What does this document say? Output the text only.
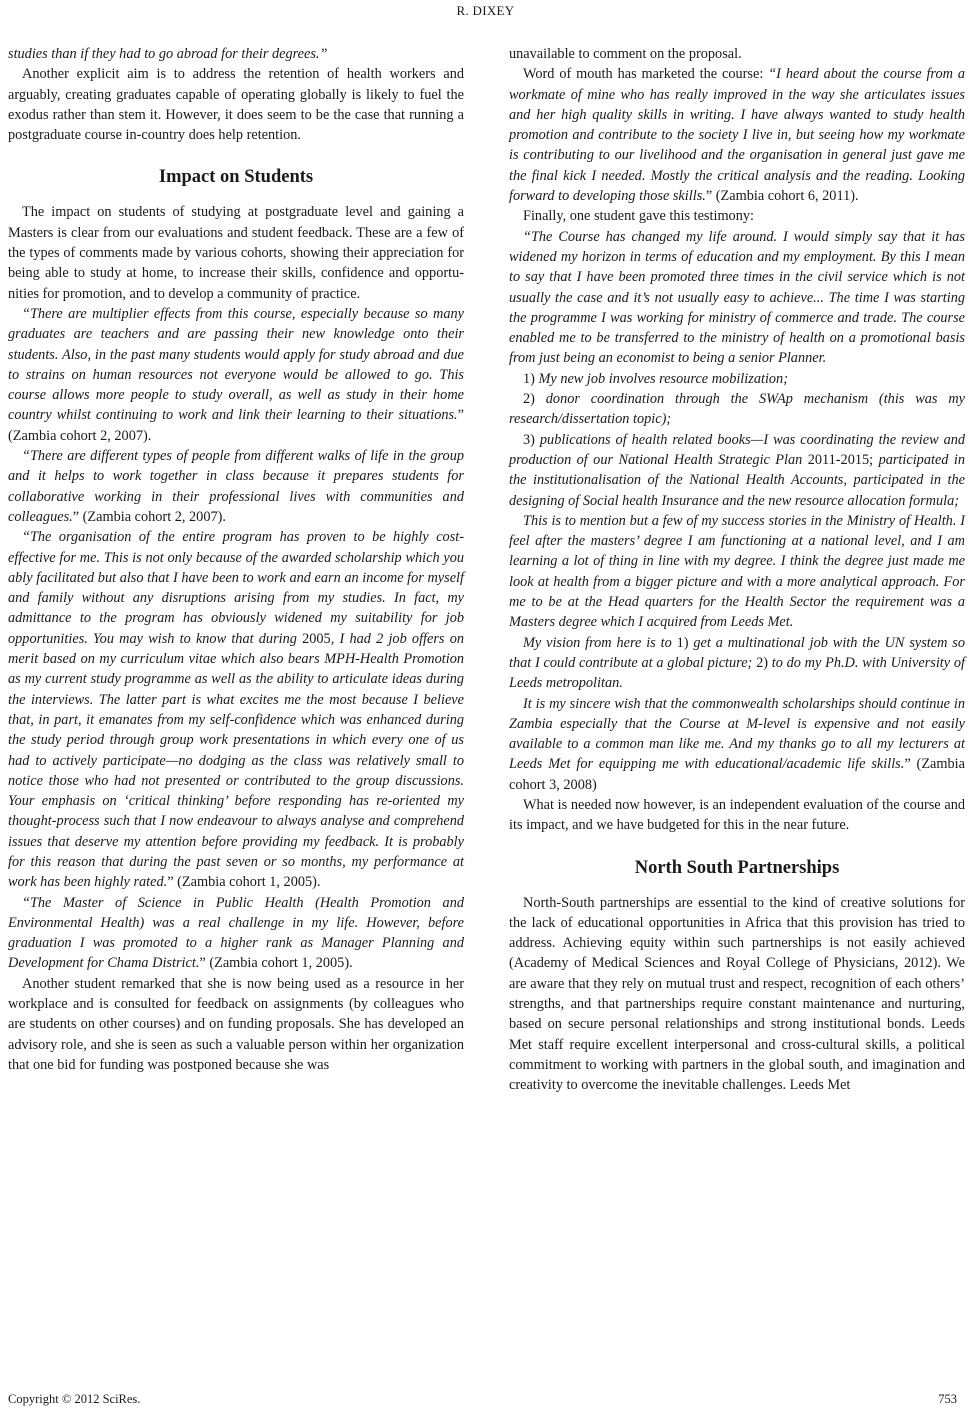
R. DIXEY

studies than if they had to go abroad for their degrees.”

Another explicit aim is to address the retention of health workers and arguably, creating graduates capable of operating globally is likely to fuel the exodus rather than stem it. However, it does seem to be the case that running a postgraduate course in-country does help retention.

Impact on Students

The impact on students of studying at postgraduate level and gaining a Masters is clear from our evaluations and student feedback. These are a few of the types of comments made by various cohorts, showing their appreciation for being able to study at home, to increase their skills, confidence and opportunities for promotion, and to develop a community of practice.

“There are multiplier effects from this course, especially because so many graduates are teachers and are passing their new knowledge onto their students. Also, in the past many students would apply for study abroad and due to strains on human resources not everyone would be allowed to go. This course allows more people to study overall, as well as study in their home country whilst continuing to work and link their learning to their situations.” (Zambia cohort 2, 2007).

“There are different types of people from different walks of life in the group and it helps to work together in class because it prepares students for collaborative working in their professional lives with communities and colleagues.” (Zambia cohort 2, 2007).

“The organisation of the entire program has proven to be highly cost-effective for me. This is not only because of the awarded scholarship which you ably facilitated but also that I have been to work and earn an income for myself and family without any disruptions arising from my studies. In fact, my admittance to the program has obviously widened my suitability for job opportunities. You may wish to know that during 2005, I had 2 job offers on merit based on my curriculum vitae which also bears MPH-Health Promotion as my current study programme as well as the ability to articulate ideas during the interviews. The latter part is what excites me the most because I believe that, in part, it emanates from my self-confidence which was enhanced during the study period through group work presentations in which every one of us had to actively participate—no dodging as the class was relatively small to notice those who had not presented or contributed to the group discussions. Your emphasis on ‘critical thinking’ before responding has re-oriented my thought-process such that I now endeavour to always analyse and comprehend issues that deserve my attention before providing my feedback. It is probably for this reason that during the past seven or so months, my performance at work has been highly rated.” (Zambia cohort 1, 2005).

“The Master of Science in Public Health (Health Promotion and Environmental Health) was a real challenge in my life. However, before graduation I was promoted to a higher rank as Manager Planning and Development for Chama District.” (Zambia cohort 1, 2005).

Another student remarked that she is now being used as a resource in her workplace and is consulted for feedback on assignments (by colleagues who are students on other courses) and on funding proposals. She has developed an advisory role, and she is seen as such a valuable person within her organization that one bid for funding was postponed because she was

unavailable to comment on the proposal.

Word of mouth has marketed the course: “I heard about the course from a workmate of mine who has really improved in the way she articulates issues and her high quality skills in writing. I have always wanted to study health promotion and contribute to the society I live in, but seeing how my workmate is contributing to our livelihood and the organisation in general just gave me the final kick I needed. Mostly the critical analysis and the reading. Looking forward to developing those skills.” (Zambia cohort 6, 2011).

Finally, one student gave this testimony:

“The Course has changed my life around. I would simply say that it has widened my horizon in terms of education and my employment. By this I mean to say that I have been promoted three times in the civil service which is not usually the case and it’s not usually easy to achieve... The time I was starting the programme I was working for ministry of commerce and trade. The course enabled me to be transferred to the ministry of health on a promotional basis from just being an economist to being a senior Planner.

1) My new job involves resource mobilization;

2) donor coordination through the SWAp mechanism (this was my research/dissertation topic);

3) publications of health related books—I was coordinating the review and production of our National Health Strategic Plan 2011-2015; participated in the institutionalisation of the National Health Accounts, participated in the designing of Social health Insurance and the new resource allocation formula;

This is to mention but a few of my success stories in the Ministry of Health. I feel after the masters’ degree I am functioning at a national level, and I am learning a lot of thing in line with my degree. I think the degree just made me look at health from a bigger picture and with a more analytical approach. For me to be at the Head quarters for the Health Sector the requirement was a Masters degree which I acquired from Leeds Met.

My vision from here is to 1) get a multinational job with the UN system so that I could contribute at a global picture; 2) to do my Ph.D. with University of Leeds metropolitan.

It is my sincere wish that the commonwealth scholarships should continue in Zambia especially that the Course at M-level is expensive and not easily available to a common man like me. And my thanks go to all my lecturers at Leeds Met for equipping me with educational/academic life skills.” (Zambia cohort 3, 2008)

What is needed now however, is an independent evaluation of the course and its impact, and we have budgeted for this in the near future.

North South Partnerships

North-South partnerships are essential to the kind of creative solutions for the lack of educational opportunities in Africa that this provision has tried to address. Achieving equity within such partnerships is not easily achieved (Academy of Medical Sciences and Royal College of Physicians, 2012). We are aware that they rely on mutual trust and respect, recognition of each others’ strengths, and that partnerships require constant maintenance and nurturing, based on secure personal relationships and strong institutional bonds. Leeds Met staff require excellent interpersonal and cross-cultural skills, a political commitment to working with partners in the global south, and imagination and creativity to overcome the inevitable challenges. Leeds Met

Copyright © 2012 SciRes.	753
